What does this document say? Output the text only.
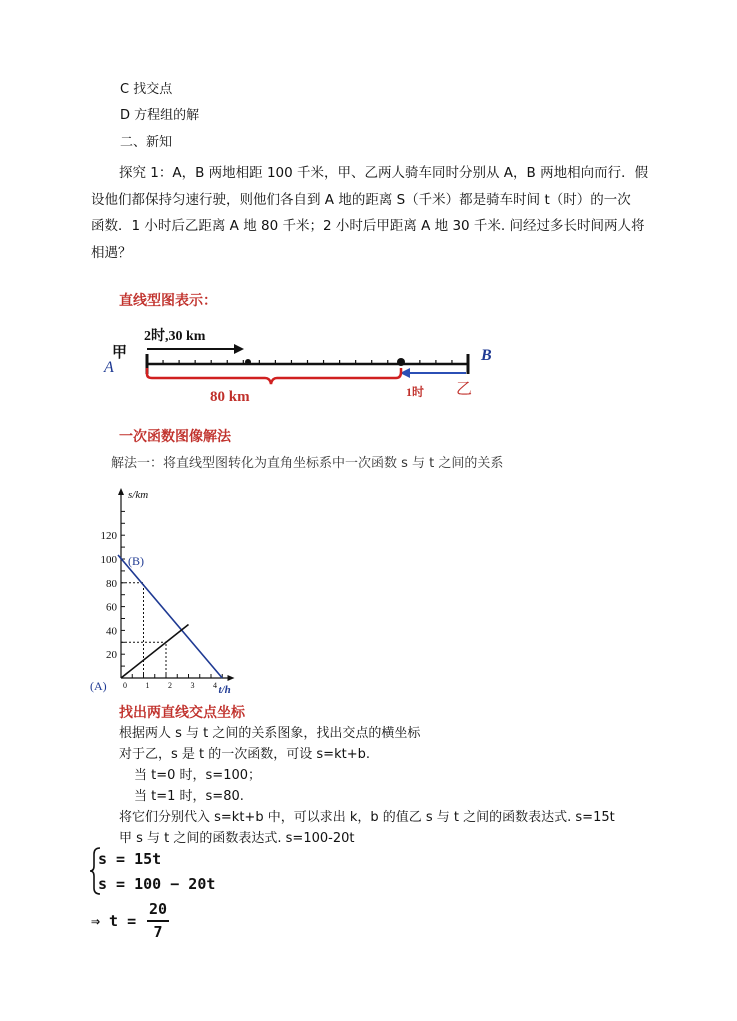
C 找交点
D 方程组的解
二、新知
探究 1：A，B 两地相距 100 千米，甲、乙两人骑车同时分别从 A，B 两地相向而行．假
设他们都保持匀速行驶，则他们各自到 A 地的距离 S（千米）都是骑车时间 t（时）的一次
函数．1 小时后乙距离 A 地 80 千米；2 小时后甲距离 A 地 30 千米. 问经过多长时间两人将
相遇？
直线型图表示：
甲
A
B
2时,30 km
80 km	1时 乙
一次函数图像解法
解法一：将直线型图转化为直角坐标系中一次函数 s 与 t 之间的关系
s/km
t/h
20
40
60
80
100
120
0 1 2 3 4
(B)
(A)
找出两直线交点坐标
根据两人 s 与 t 之间的关系图象，找出交点的横坐标
对于乙，s 是 t 的一次函数，可设 s=kt+b.
当 t=0 时，s=100；
当 t=1 时，s=80.
将它们分别代入 s=kt+b 中，可以求出 k，b 的值乙 s 与 t 之间的函数表达式. s=15t
甲 s 与 t 之间的函数表达式. s=100-20t
s = 15t
s = 100 − 20t
⇒ t =
20
7
